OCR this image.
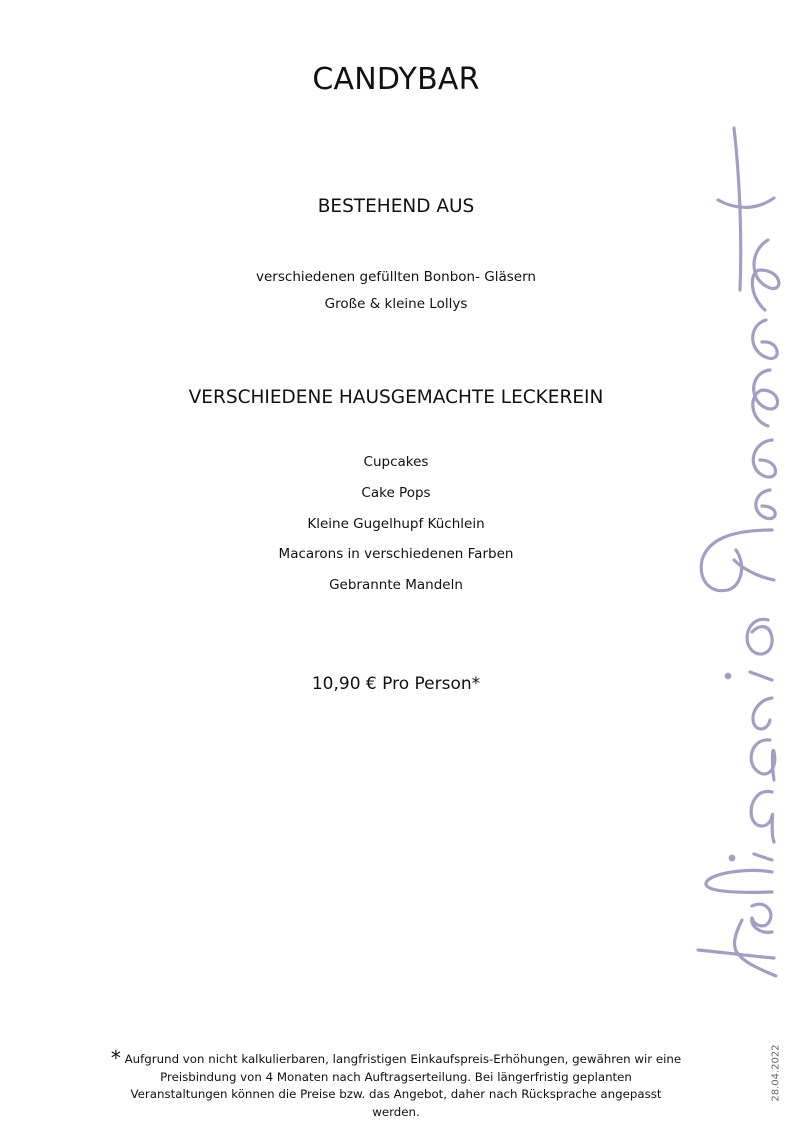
CANDYBAR
BESTEHEND AUS

verschiedenen gefüllten Bonbon- Gläsern

Große & kleine Lollys

VERSCHIEDENE HAUSGEMACHTE LECKEREIN

Cupcakes

Cake Pops

Kleine Gugelhupf Küchlein

Macarons in verschiedenen Farben

Gebrannte Mandeln

10,90 € Pro Person*

* Aufgrund von nicht kalkulierbaren, langfristigen Einkaufspreis-Erhöhungen, gewähren wir eine Preisbindung von 4 Monaten nach Auftragserteilung. Bei längerfristig geplanten Veranstaltungen können die Preise bzw. das Angebot, daher nach Rücksprache angepasst werden.

28.04.2022
